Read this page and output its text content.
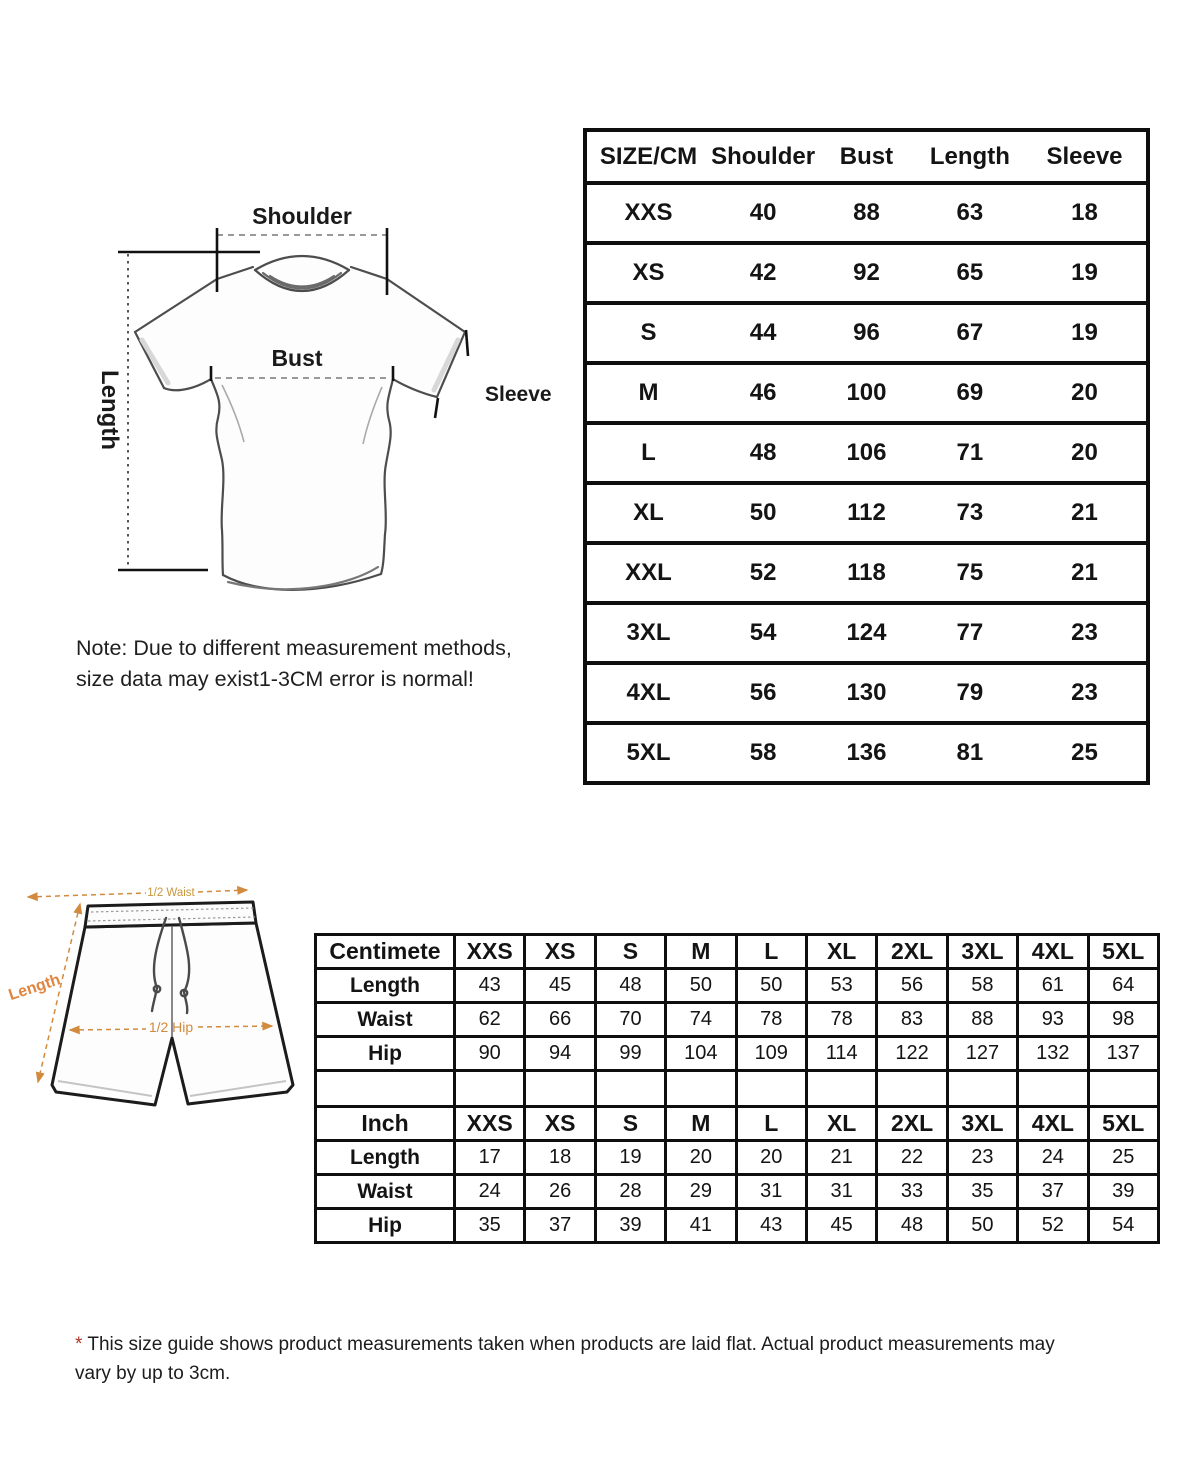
Shoulder
Length
Bust
Sleeve
Note: Due to different measurement methods,
size data may exist1-3CM error is normal!
SIZE/CM	Shoulder	Bust	Length	Sleeve
XXS	40	88	63	18
XS	42	92	65	19
S	44	96	67	19
M	46	100	69	20
L	48	106	71	20
XL	50	112	73	21
XXL	52	118	75	21
3XL	54	124	77	23
4XL	56	130	79	23
5XL	58	136	81	25
1/2 Waist
Length
1/2 Hip
Centimete	XXS	XS	S	M	L	XL	2XL	3XL	4XL	5XL
Length	43	45	48	50	50	53	56	58	61	64
Waist	62	66	70	74	78	78	83	88	93	98
Hip	90	94	99	104	109	114	122	127	132	137

Inch	XXS	XS	S	M	L	XL	2XL	3XL	4XL	5XL
Length	17	18	19	20	20	21	22	23	24	25
Waist	24	26	28	29	31	31	33	35	37	39
Hip	35	37	39	41	43	45	48	50	52	54
* This size guide shows product measurements taken when products are laid flat. Actual product measurements may
vary by up to 3cm.
